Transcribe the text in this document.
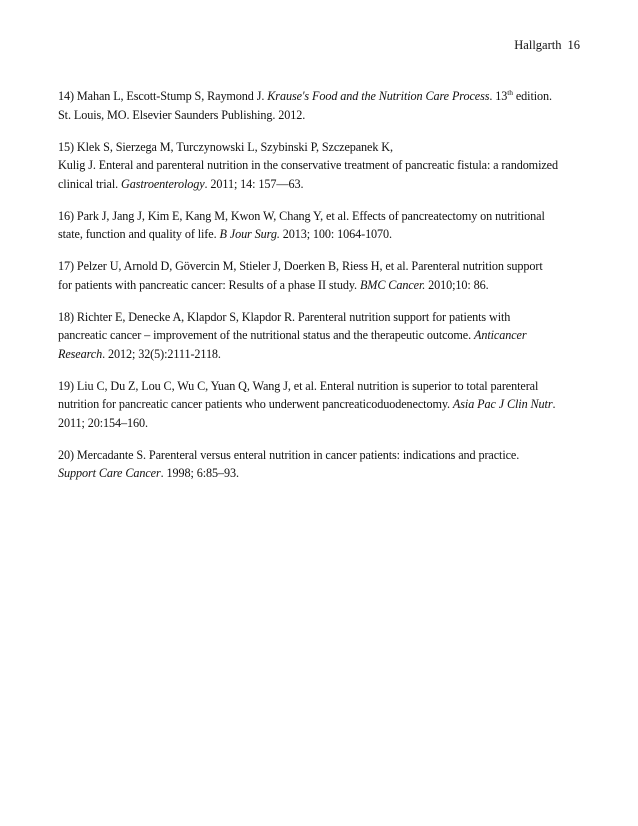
Hallgarth 16
14) Mahan L, Escott-Stump S, Raymond J. Krause's Food and the Nutrition Care Process. 13th edition.
St. Louis, MO. Elsevier Saunders Publishing. 2012.
15) Klek S, Sierzega M, Turczynowski L, Szybinski P, Szczepanek K,
Kulig J. Enteral and parenteral nutrition in the conservative treatment of pancreatic fistula: a randomized
clinical trial. Gastroenterology. 2011; 14: 157—63.
16) Park J, Jang J, Kim E, Kang M, Kwon W, Chang Y, et al. Effects of pancreatectomy on nutritional
state, function and quality of life. B Jour Surg. 2013; 100: 1064-1070.
17) Pelzer U, Arnold D, Gövercin M, Stieler J, Doerken B, Riess H, et al. Parenteral nutrition support
for patients with pancreatic cancer: Results of a phase II study. BMC Cancer. 2010;10: 86.
18) Richter E, Denecke A, Klapdor S, Klapdor R. Parenteral nutrition support for patients with
pancreatic cancer – improvement of the nutritional status and the therapeutic outcome. Anticancer
Research. 2012; 32(5):2111-2118.
19) Liu C, Du Z, Lou C, Wu C, Yuan Q, Wang J, et al. Enteral nutrition is superior to total parenteral
nutrition for pancreatic cancer patients who underwent pancreaticoduodenectomy. Asia Pac J Clin Nutr.
2011; 20:154–160.
20) Mercadante S. Parenteral versus enteral nutrition in cancer patients: indications and practice.
Support Care Cancer. 1998; 6:85–93.
